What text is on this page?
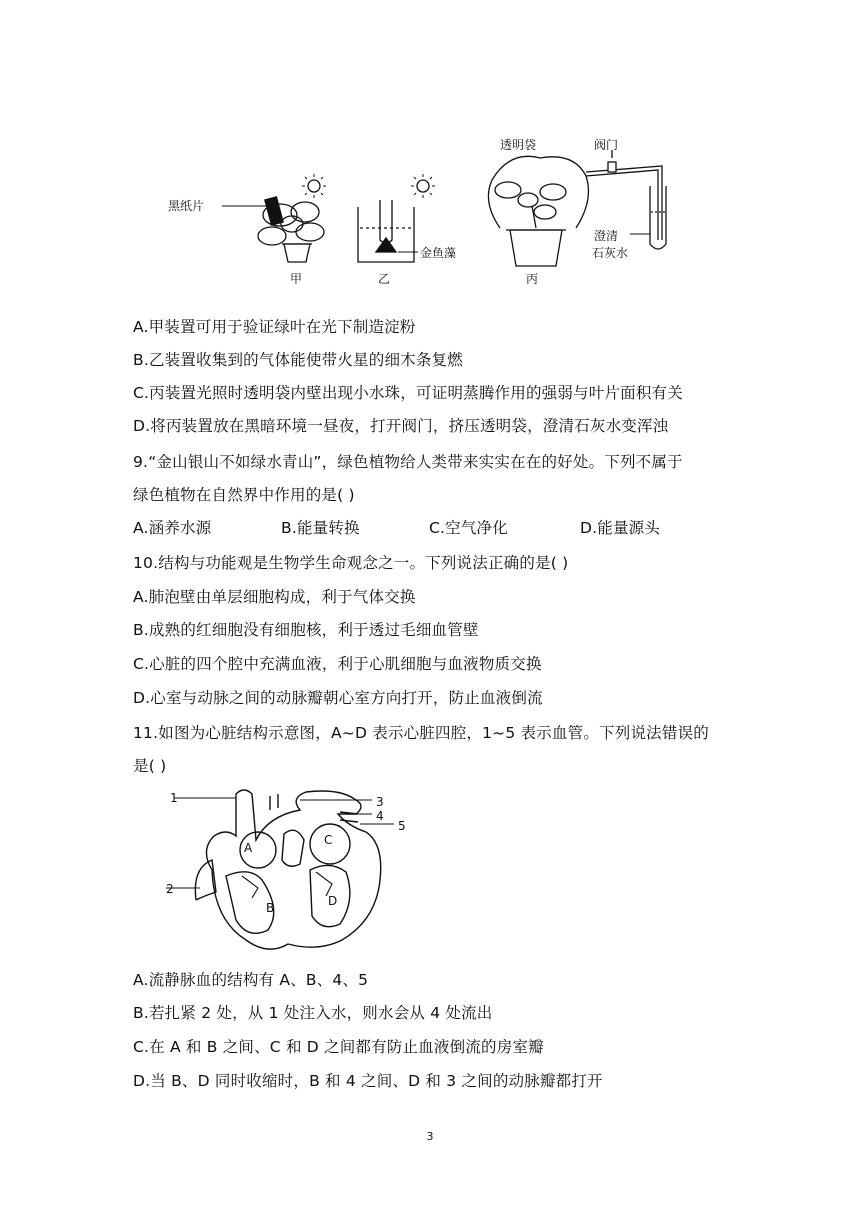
黑纸片
甲
金鱼藻
乙
透明袋	阀门
澄清
石灰水
丙
A.甲装置可用于验证绿叶在光下制造淀粉
B.乙装置收集到的气体能使带火星的细木条复燃
C.丙装置光照时透明袋内壁出现小水珠，可证明蒸腾作用的强弱与叶片面积有关
D.将丙装置放在黑暗环境一昼夜，打开阀门，挤压透明袋，澄清石灰水变浑浊
9.“金山银山不如绿水青山”，绿色植物给人类带来实实在在的好处。下列不属于
绿色植物在自然界中作用的是( )
A.涵养水源	B.能量转换	C.空气净化	D.能量源头
10.结构与功能观是生物学生命观念之一。下列说法正确的是( )
A.肺泡壁由单层细胞构成，利于气体交换
B.成熟的红细胞没有细胞核，利于透过毛细血管壁
C.心脏的四个腔中充满血液，利于心肌细胞与血液物质交换
D.心室与动脉之间的动脉瓣朝心室方向打开，防止血液倒流
11.如图为心脏结构示意图，A~D 表示心脏四腔，1~5 表示血管。下列说法错误的
是( )
1
2
3
4
5
A
B
C
D
A.流静脉血的结构有 A、B、4、5
B.若扎紧 2 处，从 1 处注入水，则水会从 4 处流出
C.在 A 和 B 之间、C 和 D 之间都有防止血液倒流的房室瓣
D.当 B、D 同时收缩时，B 和 4 之间、D 和 3 之间的动脉瓣都打开
3
